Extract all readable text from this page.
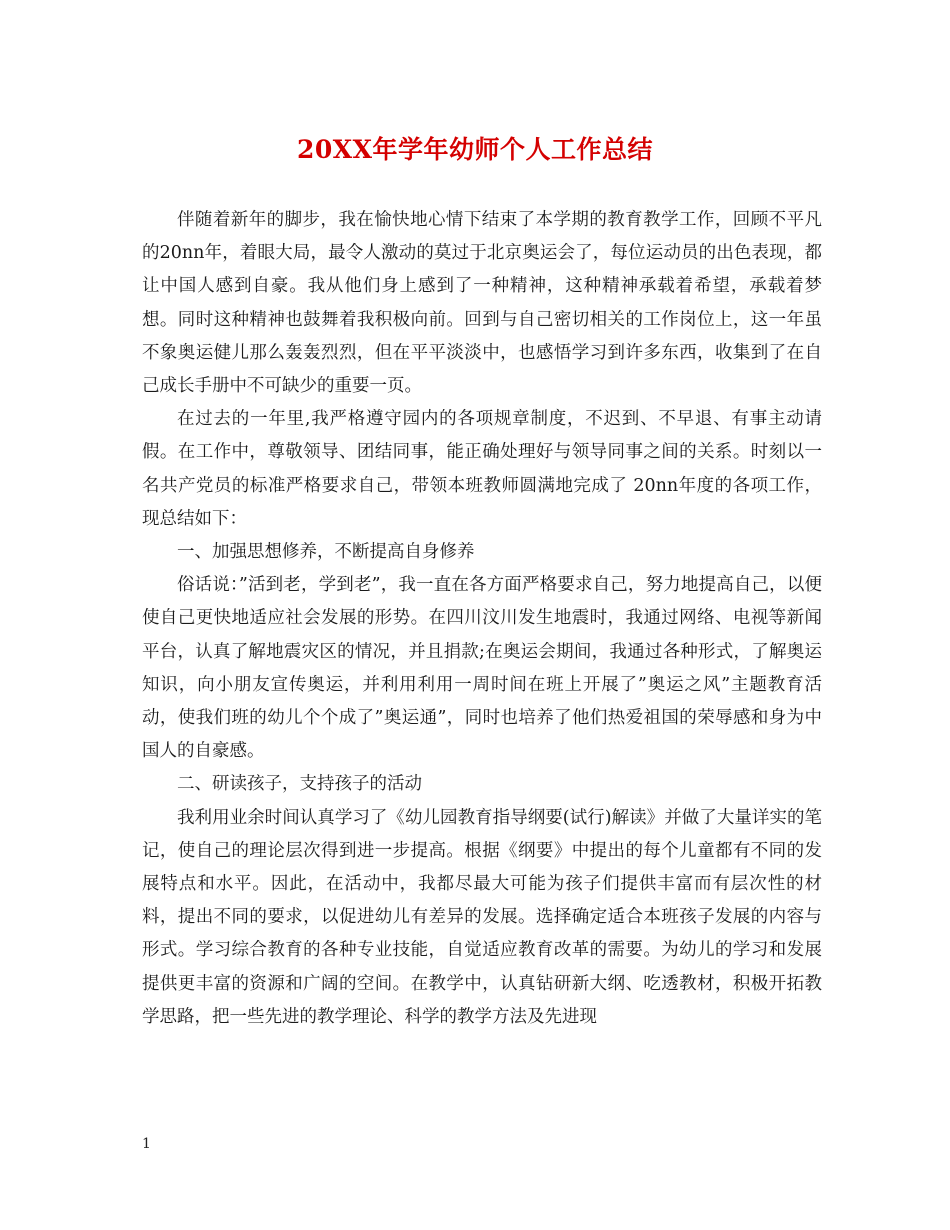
20XX年学年幼师个人工作总结

伴随着新年的脚步，我在愉快地心情下结束了本学期的教育教学工作，回顾不平凡的20nn年，着眼大局，最令人激动的莫过于北京奥运会了，每位运动员的出色表现，都让中国人感到自豪。我从他们身上感到了一种精神，这种精神承载着希望，承载着梦想。同时这种精神也鼓舞着我积极向前。回到与自己密切相关的工作岗位上，这一年虽不象奥运健儿那么轰轰烈烈，但在平平淡淡中，也感悟学习到许多东西，收集到了在自己成长手册中不可缺少的重要一页。

在过去的一年里,我严格遵守园内的各项规章制度，不迟到、不早退、有事主动请假。在工作中，尊敬领导、团结同事，能正确处理好与领导同事之间的关系。时刻以一名共产党员的标准严格要求自己，带领本班教师圆满地完成了 20nn年度的各项工作，现总结如下：

一、加强思想修养，不断提高自身修养

俗话说：”活到老，学到老”，我一直在各方面严格要求自己，努力地提高自己，以便使自己更快地适应社会发展的形势。在四川汶川发生地震时，我通过网络、电视等新闻平台，认真了解地震灾区的情况，并且捐款;在奥运会期间，我通过各种形式，了解奥运知识，向小朋友宣传奥运，并利用利用一周时间在班上开展了”奥运之风”主题教育活动，使我们班的幼儿个个成了”奥运通”，同时也培养了他们热爱祖国的荣辱感和身为中国人的自豪感。

二、研读孩子，支持孩子的活动

我利用业余时间认真学习了《幼儿园教育指导纲要(试行)解读》并做了大量详实的笔记，使自己的理论层次得到进一步提高。根据《纲要》中提出的每个儿童都有不同的发展特点和水平。因此，在活动中，我都尽最大可能为孩子们提供丰富而有层次性的材料，提出不同的要求，以促进幼儿有差异的发展。选择确定适合本班孩子发展的内容与形式。学习综合教育的各种专业技能，自觉适应教育改革的需要。为幼儿的学习和发展提供更丰富的资源和广阔的空间。在教学中，认真钻研新大纲、吃透教材，积极开拓教学思路，把一些先进的教学理论、科学的教学方法及先进现

1
